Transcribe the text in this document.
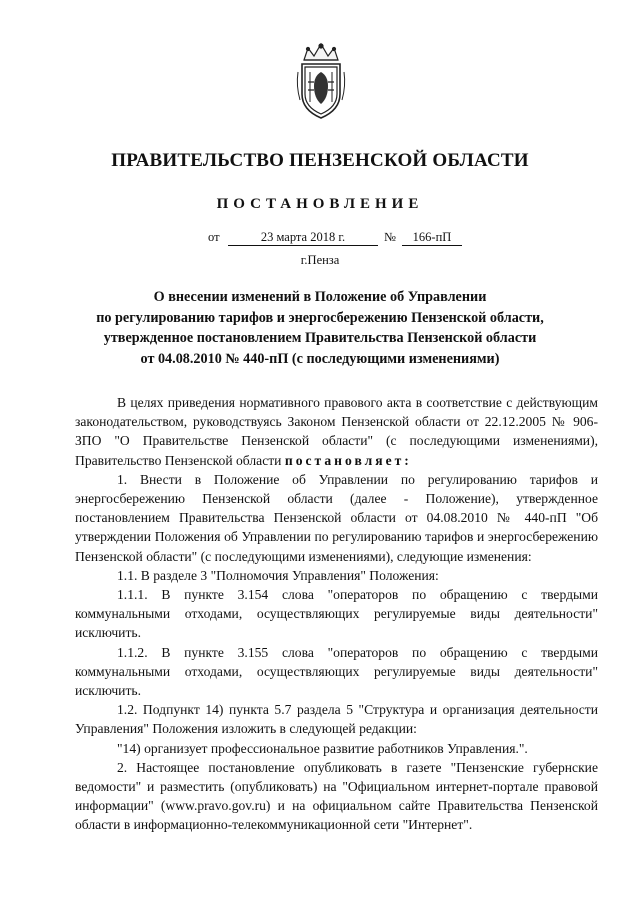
ПРАВИТЕЛЬСТВО ПЕНЗЕНСКОЙ ОБЛАСТИ
ПОСТАНОВЛЕНИЕ
от	23 марта 2018 г.	№	166-пП
г.Пенза
О внесении изменений в Положение об Управлении
по регулированию тарифов и энергосбережению Пензенской области,
утвержденное постановлением Правительства Пензенской области
от 04.08.2010 № 440-пП (с последующими изменениями)

В целях приведения нормативного правового акта в соответствие с действующим законодательством, руководствуясь Законом Пензенской области от 22.12.2005 № 906-ЗПО "О Правительстве Пензенской области" (с последующими изменениями), Правительство Пензенской области постановляет:

1. Внести в Положение об Управлении по регулированию тарифов и энергосбережению Пензенской области (далее - Положение), утвержденное постановлением Правительства Пензенской области от 04.08.2010 № 440-пП "Об утверждении Положения об Управлении по регулированию тарифов и энергосбережению Пензенской области" (с последующими изменениями), следующие изменения:

1.1. В разделе 3 "Полномочия Управления" Положения:

1.1.1. В пункте 3.154 слова "операторов по обращению с твердыми коммунальными отходами, осуществляющих регулируемые виды деятельности" исключить.

1.1.2. В пункте 3.155 слова "операторов по обращению с твердыми коммунальными отходами, осуществляющих регулируемые виды деятельности" исключить.

1.2. Подпункт 14) пункта 5.7 раздела 5 "Структура и организация деятельности Управления" Положения изложить в следующей редакции:

"14) организует профессиональное развитие работников Управления.".

2. Настоящее постановление опубликовать в газете "Пензенские губернские ведомости" и разместить (опубликовать) на "Официальном интернет-портале правовой информации" (www.pravo.gov.ru) и на официальном сайте Правительства Пензенской области в информационно-телекоммуникационной сети "Интернет".
